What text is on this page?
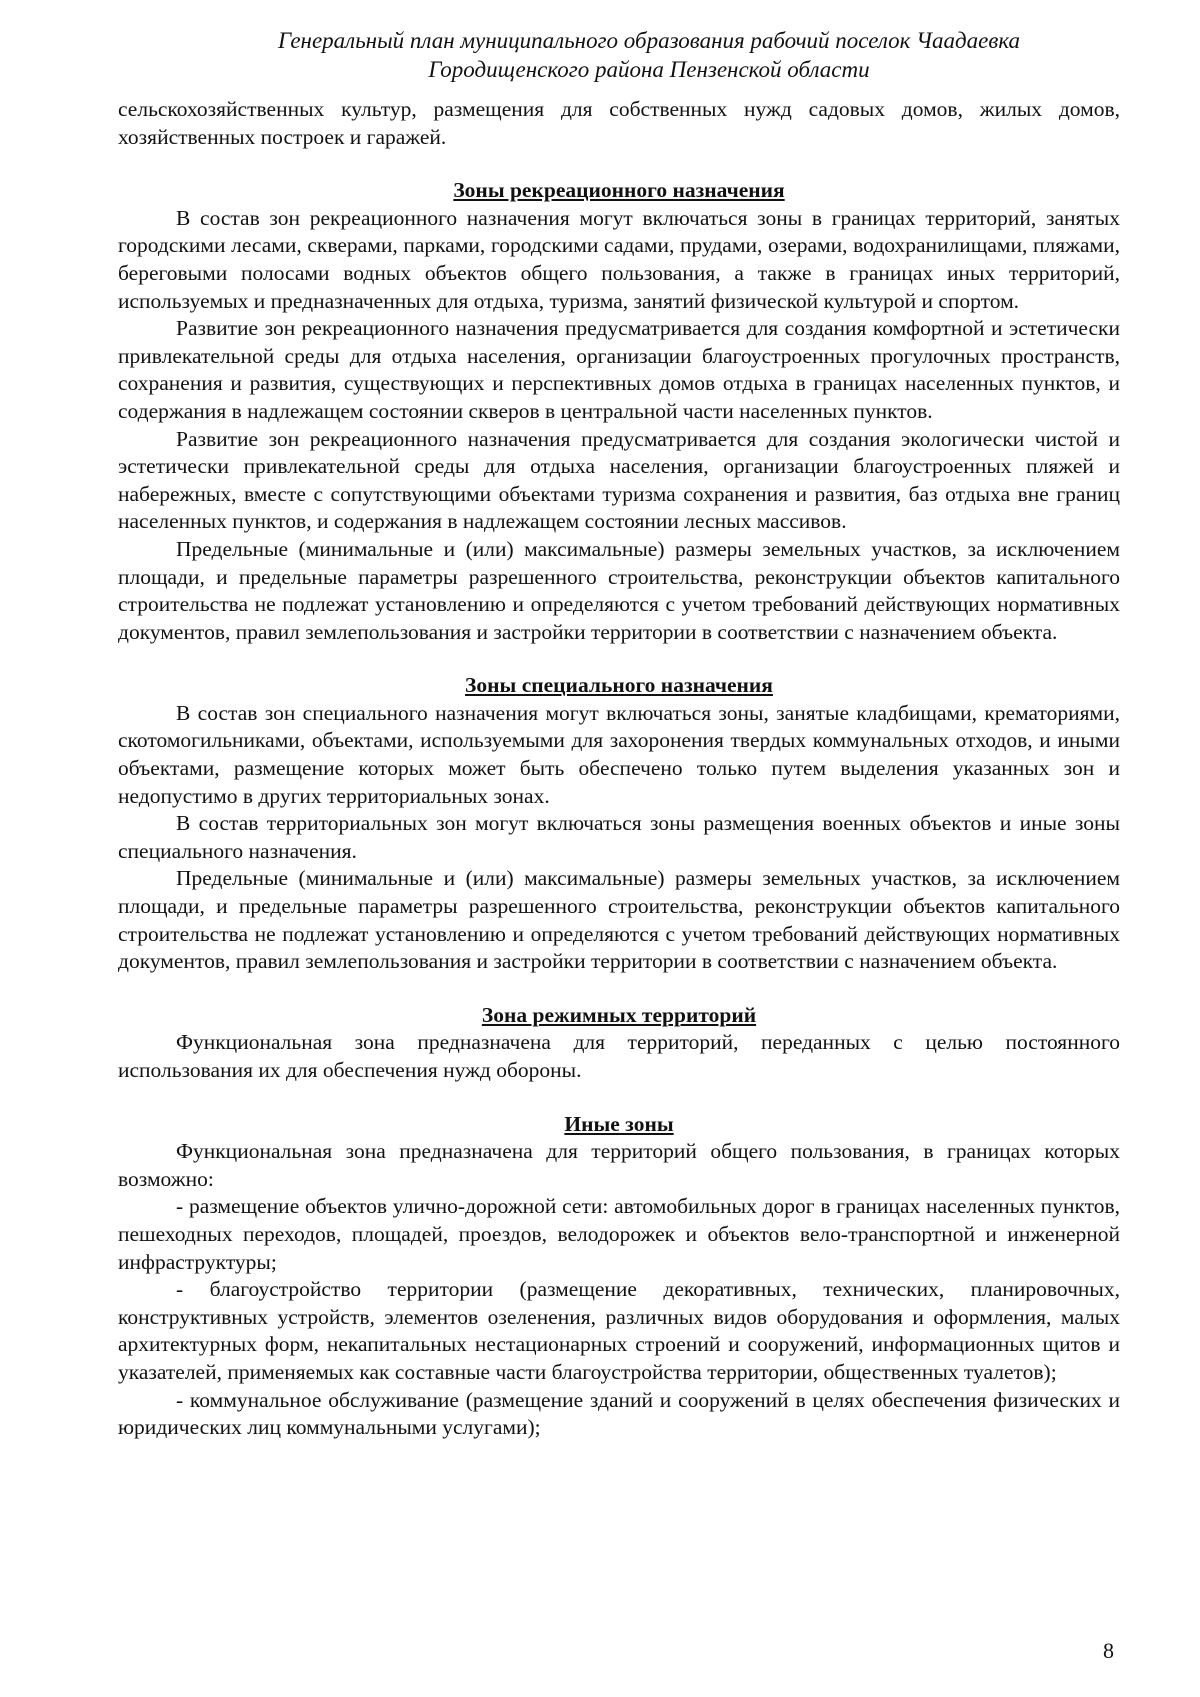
Генеральный план муниципального образования рабочий поселок Чаадаевка
Городищенского района Пензенской области

сельскохозяйственных культур, размещения для собственных нужд садовых домов, жилых домов, хозяйственных построек и гаражей.

Зоны рекреационного назначения

В состав зон рекреационного назначения могут включаться зоны в границах территорий, занятых городскими лесами, скверами, парками, городскими садами, прудами, озерами, водохранилищами, пляжами, береговыми полосами водных объектов общего пользования, а также в границах иных территорий, используемых и предназначенных для отдыха, туризма, занятий физической культурой и спортом.

Развитие зон рекреационного назначения предусматривается для создания комфортной и эстетически привлекательной среды для отдыха населения, организации благоустроенных прогулочных пространств, сохранения и развития, существующих и перспективных домов отдыха в границах населенных пунктов, и содержания в надлежащем состоянии скверов в центральной части населенных пунктов.

Развитие зон рекреационного назначения предусматривается для создания экологически чистой и эстетически привлекательной среды для отдыха населения, организации благоустроенных пляжей и набережных, вместе с сопутствующими объектами туризма сохранения и развития, баз отдыха вне границ населенных пунктов, и содержания в надлежащем состоянии лесных массивов.

Предельные (минимальные и (или) максимальные) размеры земельных участков, за исключением площади, и предельные параметры разрешенного строительства, реконструкции объектов капитального строительства не подлежат установлению и определяются с учетом требований действующих нормативных документов, правил землепользования и застройки территории в соответствии с назначением объекта.

Зоны специального назначения

В состав зон специального назначения могут включаться зоны, занятые кладбищами, крематориями, скотомогильниками, объектами, используемыми для захоронения твердых коммунальных отходов, и иными объектами, размещение которых может быть обеспечено только путем выделения указанных зон и недопустимо в других территориальных зонах.

В состав территориальных зон могут включаться зоны размещения военных объектов и иные зоны специального назначения.

Предельные (минимальные и (или) максимальные) размеры земельных участков, за исключением площади, и предельные параметры разрешенного строительства, реконструкции объектов капитального строительства не подлежат установлению и определяются с учетом требований действующих нормативных документов, правил землепользования и застройки территории в соответствии с назначением объекта.

Зона режимных территорий

Функциональная зона предназначена для территорий, переданных с целью постоянного использования их для обеспечения нужд обороны.

Иные зоны

Функциональная зона предназначена для территорий общего пользования, в границах которых возможно:

- размещение объектов улично-дорожной сети: автомобильных дорог в границах населенных пунктов, пешеходных переходов, площадей, проездов, велодорожек и объектов вело-транспортной и инженерной инфраструктуры;

- благоустройство территории (размещение декоративных, технических, планировочных, конструктивных устройств, элементов озеленения, различных видов оборудования и оформления, малых архитектурных форм, некапитальных нестационарных строений и сооружений, информационных щитов и указателей, применяемых как составные части благоустройства территории, общественных туалетов);

- коммунальное обслуживание (размещение зданий и сооружений в целях обеспечения физических и юридических лиц коммунальными услугами);

8
